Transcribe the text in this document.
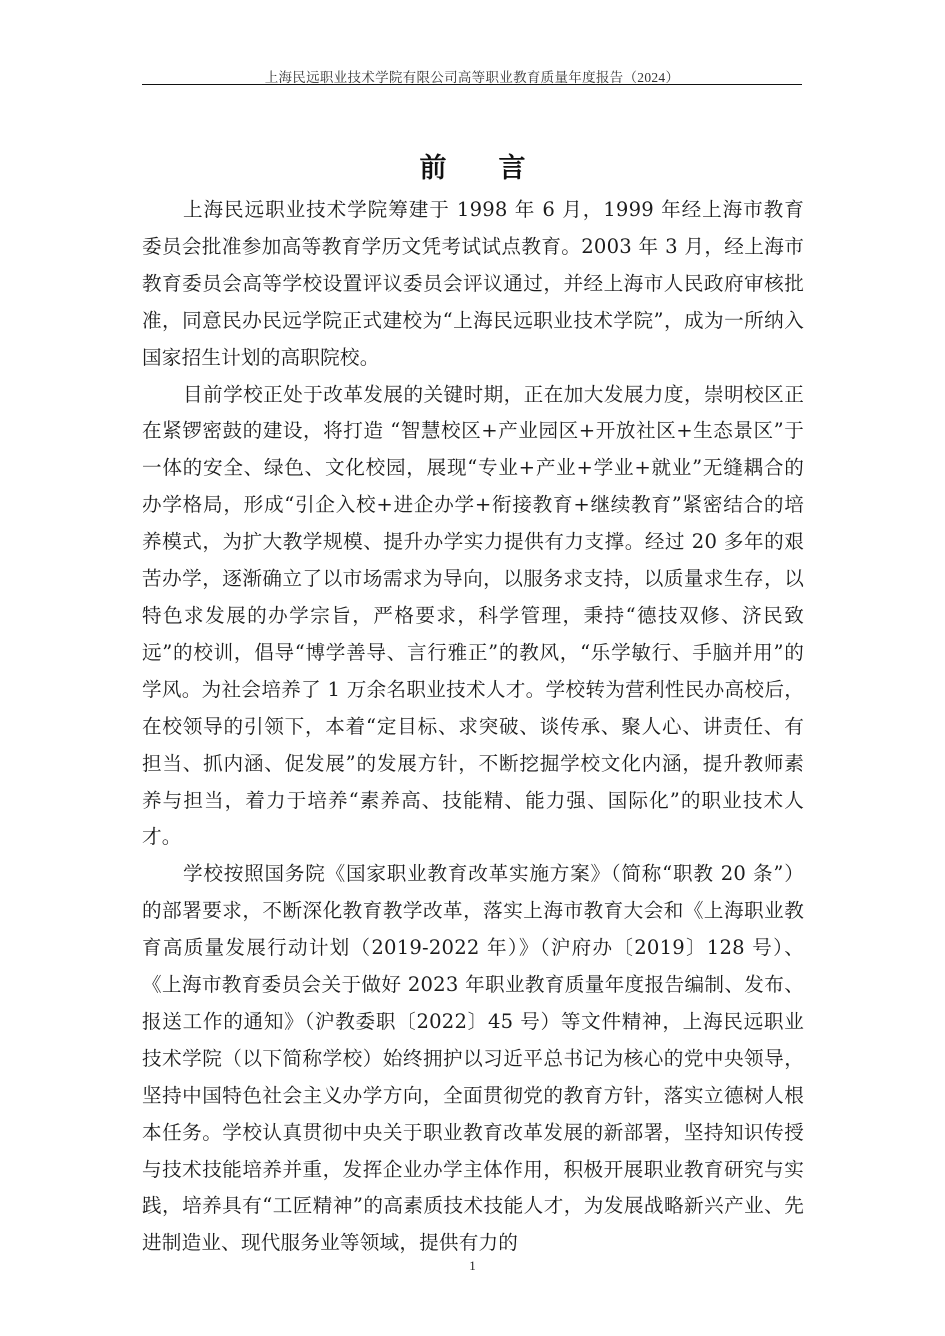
上海民远职业技术学院有限公司高等职业教育质量年度报告（2024）
前 言

上海民远职业技术学院筹建于 1998 年 6 月，1999 年经上海市教育委员会批准参加高等教育学历文凭考试试点教育。2003 年 3 月，经上海市教育委员会高等学校设置评议委员会评议通过，并经上海市人民政府审核批准，同意民办民远学院正式建校为“上海民远职业技术学院”，成为一所纳入国家招生计划的高职院校。

目前学校正处于改革发展的关键时期，正在加大发展力度，崇明校区正在紧锣密鼓的建设，将打造 “智慧校区+产业园区+开放社区+生态景区”于一体的安全、绿色、文化校园，展现“专业+产业+学业+就业”无缝耦合的办学格局，形成“引企入校+进企办学+衔接教育+继续教育”紧密结合的培养模式，为扩大教学规模、提升办学实力提供有力支撑。经过 20 多年的艰苦办学，逐渐确立了以市场需求为导向，以服务求支持，以质量求生存，以特色求发展的办学宗旨，严格要求，科学管理，秉持“德技双修、济民致远”的校训，倡导“博学善导、言行雅正”的教风，“乐学敏行、手脑并用”的学风。为社会培养了 1 万余名职业技术人才。学校转为营利性民办高校后，在校领导的引领下，本着“定目标、求突破、谈传承、聚人心、讲责任、有担当、抓内涵、促发展”的发展方针，不断挖掘学校文化内涵，提升教师素养与担当，着力于培养“素养高、技能精、能力强、国际化”的职业技术人才。

学校按照国务院《国家职业教育改革实施方案》（简称“职教 20 条”）的部署要求，不断深化教育教学改革，落实上海市教育大会和《上海职业教育高质量发展行动计划（2019-2022 年）》（沪府办〔2019〕128 号）、《上海市教育委员会关于做好 2023 年职业教育质量年度报告编制、发布、报送工作的通知》（沪教委职〔2022〕45 号）等文件精神，上海民远职业技术学院（以下简称学校）始终拥护以习近平总书记为核心的党中央领导，坚持中国特色社会主义办学方向，全面贯彻党的教育方针，落实立德树人根本任务。学校认真贯彻中央关于职业教育改革发展的新部署，坚持知识传授与技术技能培养并重，发挥企业办学主体作用，积极开展职业教育研究与实践，培养具有“工匠精神”的高素质技术技能人才，为发展战略新兴产业、先进制造业、现代服务业等领域，提供有力的

1
